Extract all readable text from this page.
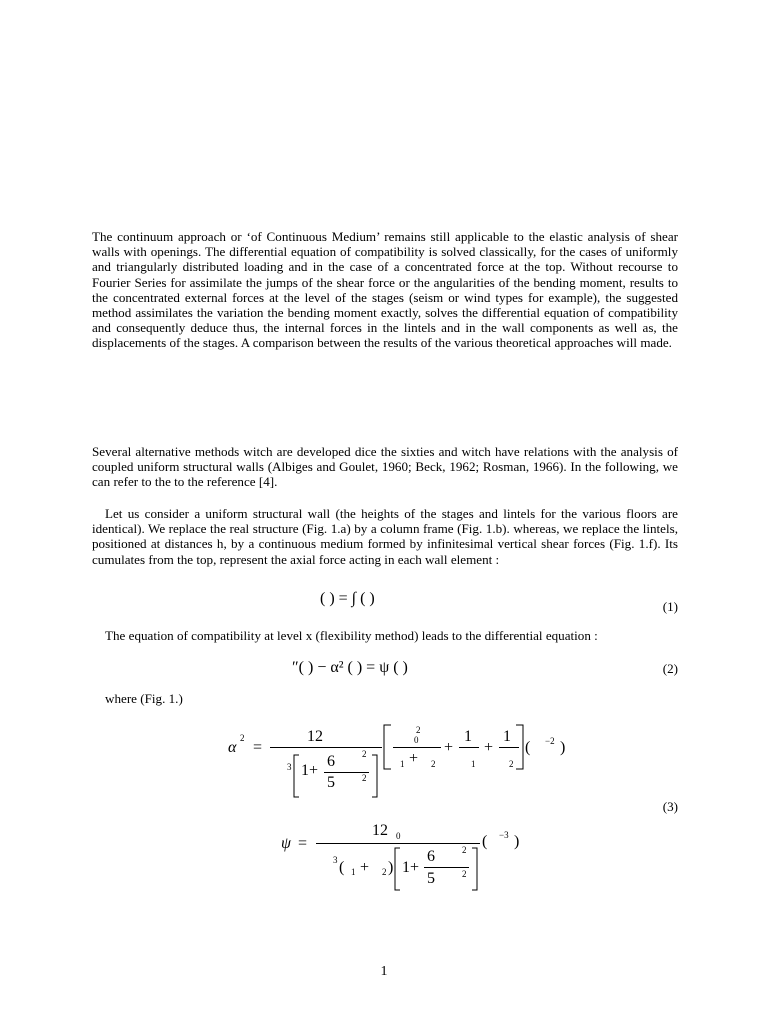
The continuum approach or ‘of Continuous Medium’ remains still applicable to the elastic analysis of shear walls with openings. The differential equation of compatibility is solved classically, for the cases of uniformly and triangularly distributed loading and in the case of a concentrated force at the top. Without recourse to Fourier Series for assimilate the jumps of the shear force or the angularities of the bending moment, results to the concentrated external forces at the level of the stages (seism or wind types for example), the suggested method assimilates the variation the bending moment exactly, solves the differential equation of compatibility and consequently deduce thus, the internal forces in the lintels and in the wall components as well as, the displacements of the stages. A comparison between the results of the various theoretical approaches will made.
Several alternative methods witch are developed dice the sixties and witch have relations with the analysis of coupled uniform structural walls (Albiges and Goulet, 1960; Beck, 1962; Rosman, 1966). In the following, we can refer to the to the reference [4].
Let us consider a uniform structural wall (the heights of the stages and lintels for the various floors are identical). We replace the real structure (Fig. 1.a) by a column frame (Fig. 1.b). whereas, we replace the lintels, positioned at distances h, by a continuous medium formed by infinitesimal vertical shear forces (Fig. 1.f). Its cumulates from the top, represent the axial force acting in each wall element :
( ) = ∫ ( )	(1)
The equation of compatibility at level x (flexibility method) leads to the differential equation :
″( ) − α² ( ) = ψ ( )	(2)
where (Fig. 1.)
α
2
=
12
3 1+
6
5
2
2
2
0
1 + 2
+
1
1
+
1
2
( −2 )
(3)
ψ =
12 0	( −3 )
3 ( 1 + 2 ) 1+
6
5
2
2
1
